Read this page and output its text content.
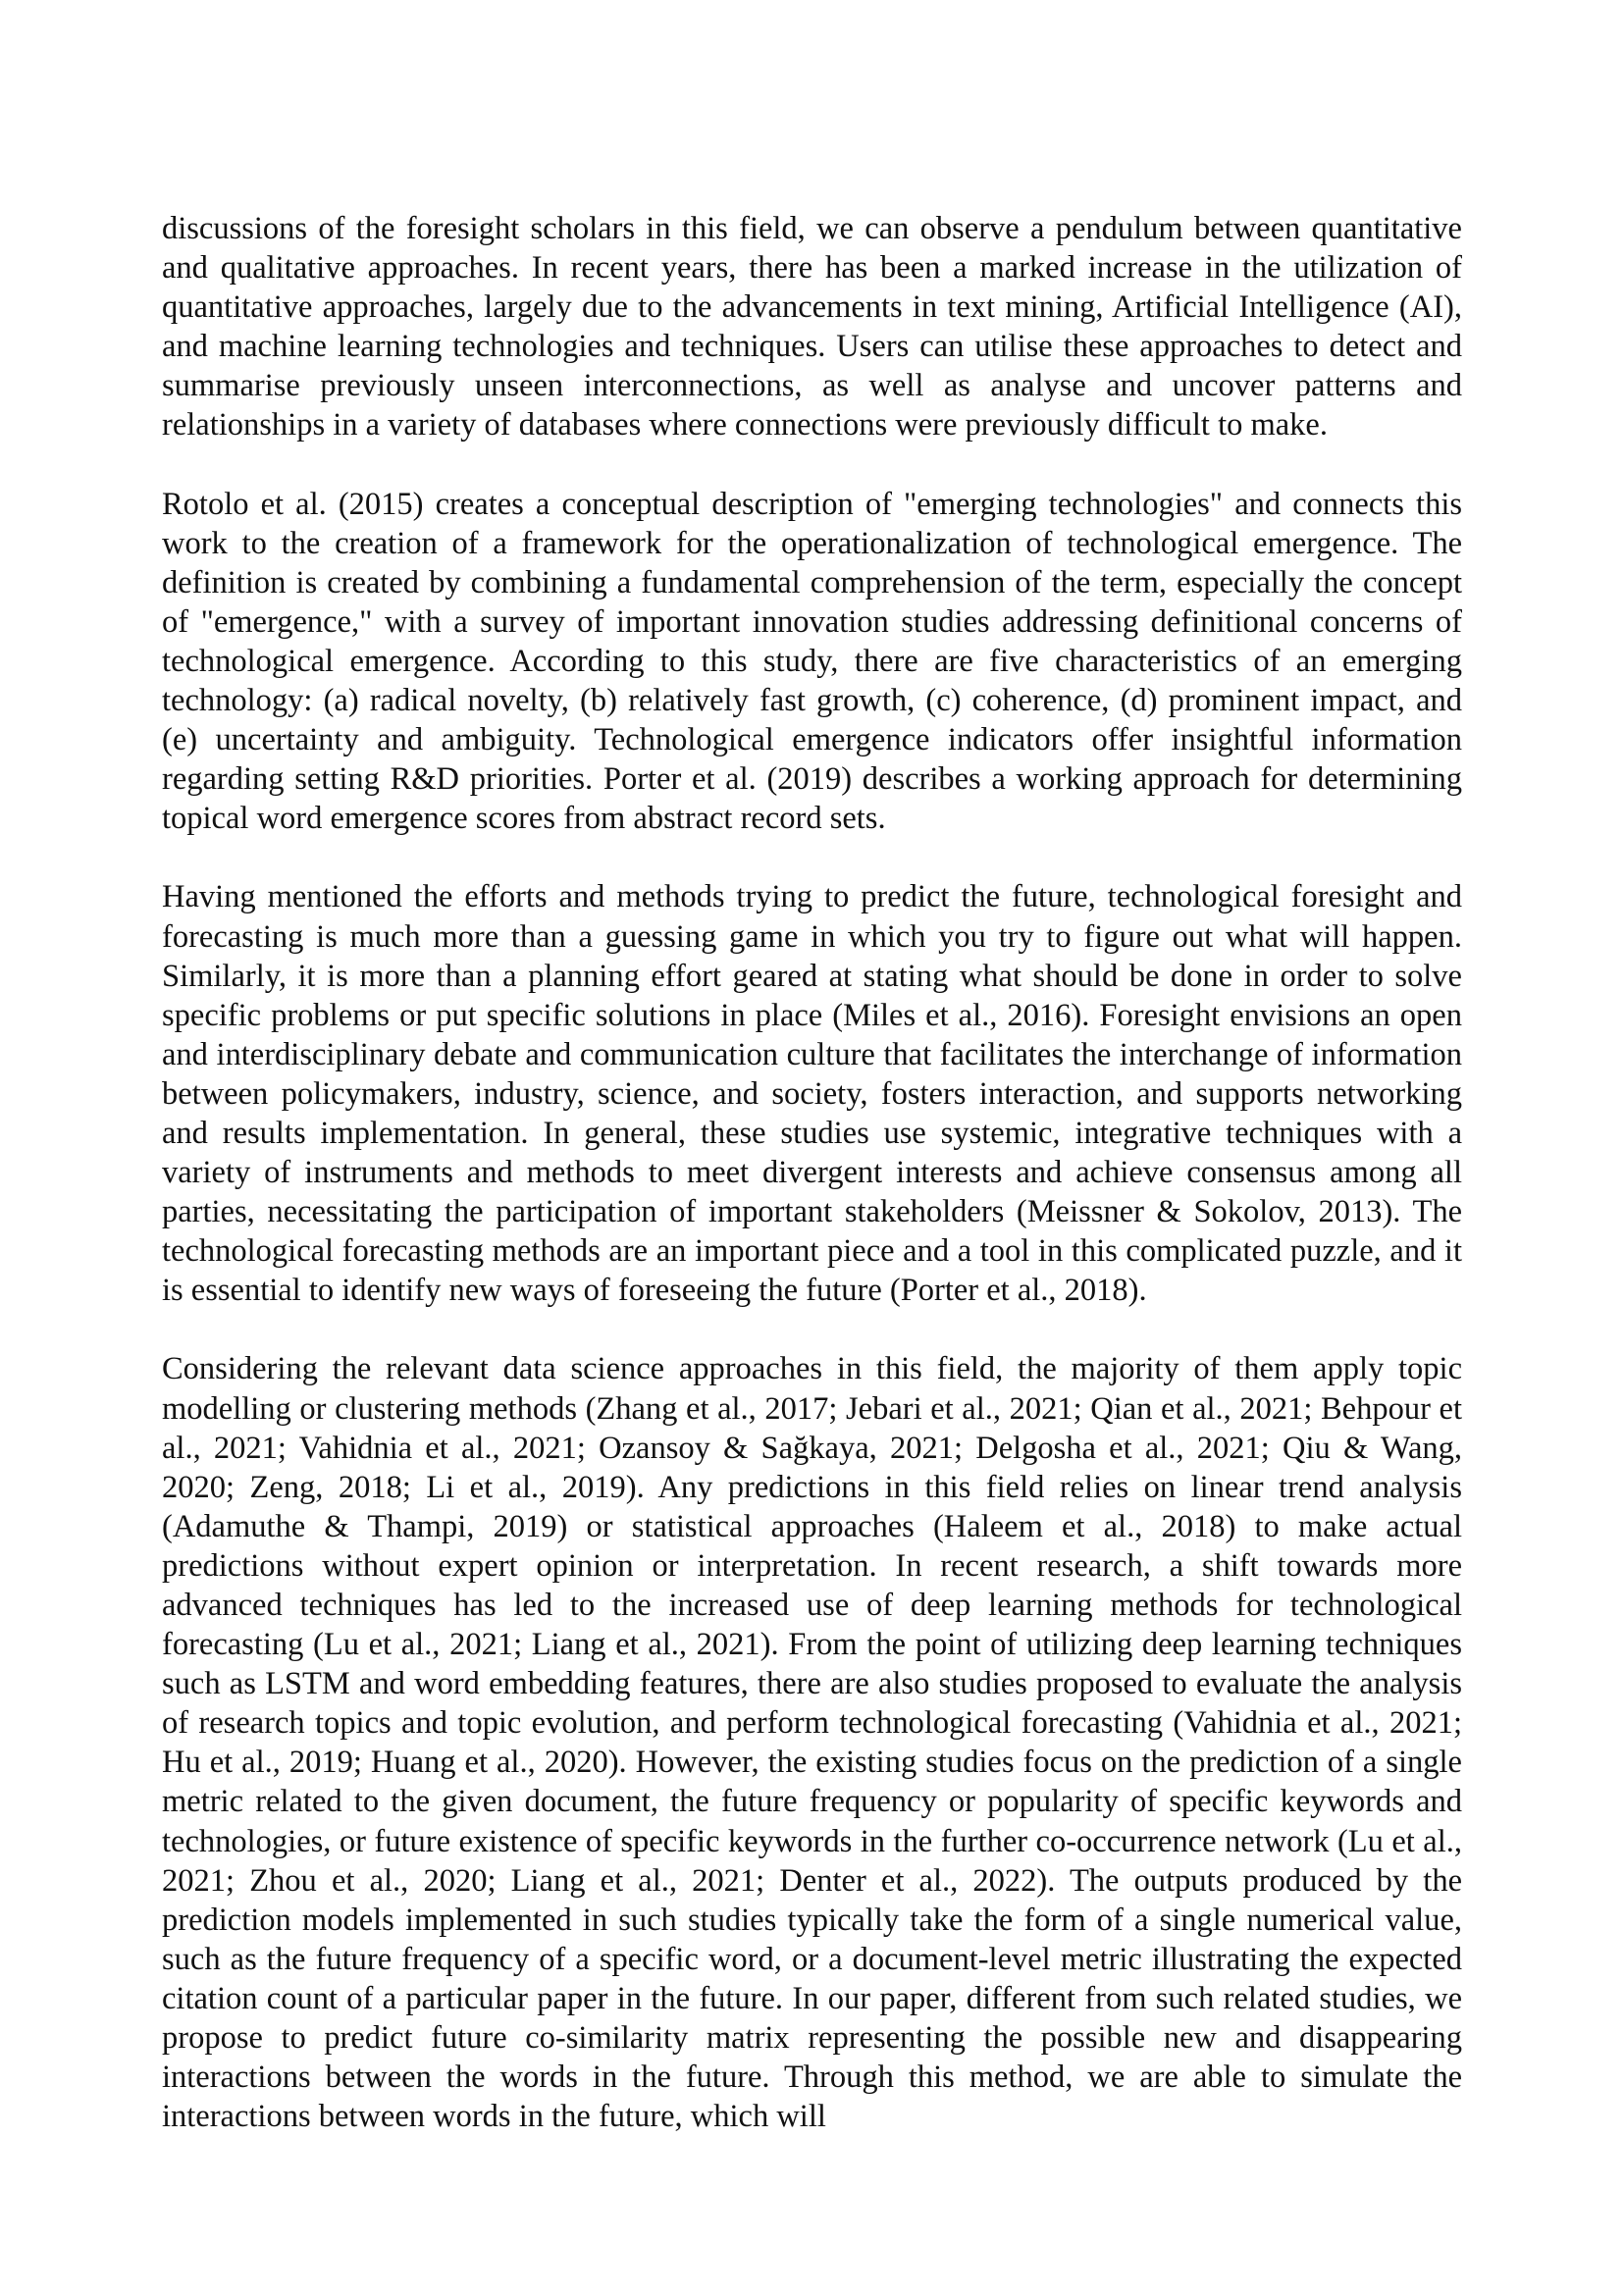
discussions of the foresight scholars in this field, we can observe a pendulum between quantitative and qualitative approaches. In recent years, there has been a marked increase in the utilization of quantitative approaches, largely due to the advancements in text mining, Artificial Intelligence (AI), and machine learning technologies and techniques. Users can utilise these approaches to detect and summarise previously unseen interconnections, as well as analyse and uncover patterns and relationships in a variety of databases where connections were previously difficult to make.

Rotolo et al. (2015) creates a conceptual description of "emerging technologies" and connects this work to the creation of a framework for the operationalization of technological emergence. The definition is created by combining a fundamental comprehension of the term, especially the concept of "emergence," with a survey of important innovation studies addressing definitional concerns of technological emergence. According to this study, there are five characteristics of an emerging technology: (a) radical novelty, (b) relatively fast growth, (c) coherence, (d) prominent impact, and (e) uncertainty and ambiguity. Technological emergence indicators offer insightful information regarding setting R&D priorities. Porter et al. (2019) describes a working approach for determining topical word emergence scores from abstract record sets.

Having mentioned the efforts and methods trying to predict the future, technological foresight and forecasting is much more than a guessing game in which you try to figure out what will happen. Similarly, it is more than a planning effort geared at stating what should be done in order to solve specific problems or put specific solutions in place (Miles et al., 2016). Foresight envisions an open and interdisciplinary debate and communication culture that facilitates the interchange of information between policymakers, industry, science, and society, fosters interaction, and supports networking and results implementation. In general, these studies use systemic, integrative techniques with a variety of instruments and methods to meet divergent interests and achieve consensus among all parties, necessitating the participation of important stakeholders (Meissner & Sokolov, 2013). The technological forecasting methods are an important piece and a tool in this complicated puzzle, and it is essential to identify new ways of foreseeing the future (Porter et al., 2018).

Considering the relevant data science approaches in this field, the majority of them apply topic modelling or clustering methods (Zhang et al., 2017; Jebari et al., 2021; Qian et al., 2021; Behpour et al., 2021; Vahidnia et al., 2021; Ozansoy & Sağkaya, 2021; Delgosha et al., 2021; Qiu & Wang, 2020; Zeng, 2018; Li et al., 2019). Any predictions in this field relies on linear trend analysis (Adamuthe & Thampi, 2019) or statistical approaches (Haleem et al., 2018) to make actual predictions without expert opinion or interpretation. In recent research, a shift towards more advanced techniques has led to the increased use of deep learning methods for technological forecasting (Lu et al., 2021; Liang et al., 2021). From the point of utilizing deep learning techniques such as LSTM and word embedding features, there are also studies proposed to evaluate the analysis of research topics and topic evolution, and perform technological forecasting (Vahidnia et al., 2021; Hu et al., 2019; Huang et al., 2020). However, the existing studies focus on the prediction of a single metric related to the given document, the future frequency or popularity of specific keywords and technologies, or future existence of specific keywords in the further co-occurrence network (Lu et al., 2021; Zhou et al., 2020; Liang et al., 2021; Denter et al., 2022). The outputs produced by the prediction models implemented in such studies typically take the form of a single numerical value, such as the future frequency of a specific word, or a document-level metric illustrating the expected citation count of a particular paper in the future. In our paper, different from such related studies, we propose to predict future co-similarity matrix representing the possible new and disappearing interactions between the words in the future. Through this method, we are able to simulate the interactions between words in the future, which will
